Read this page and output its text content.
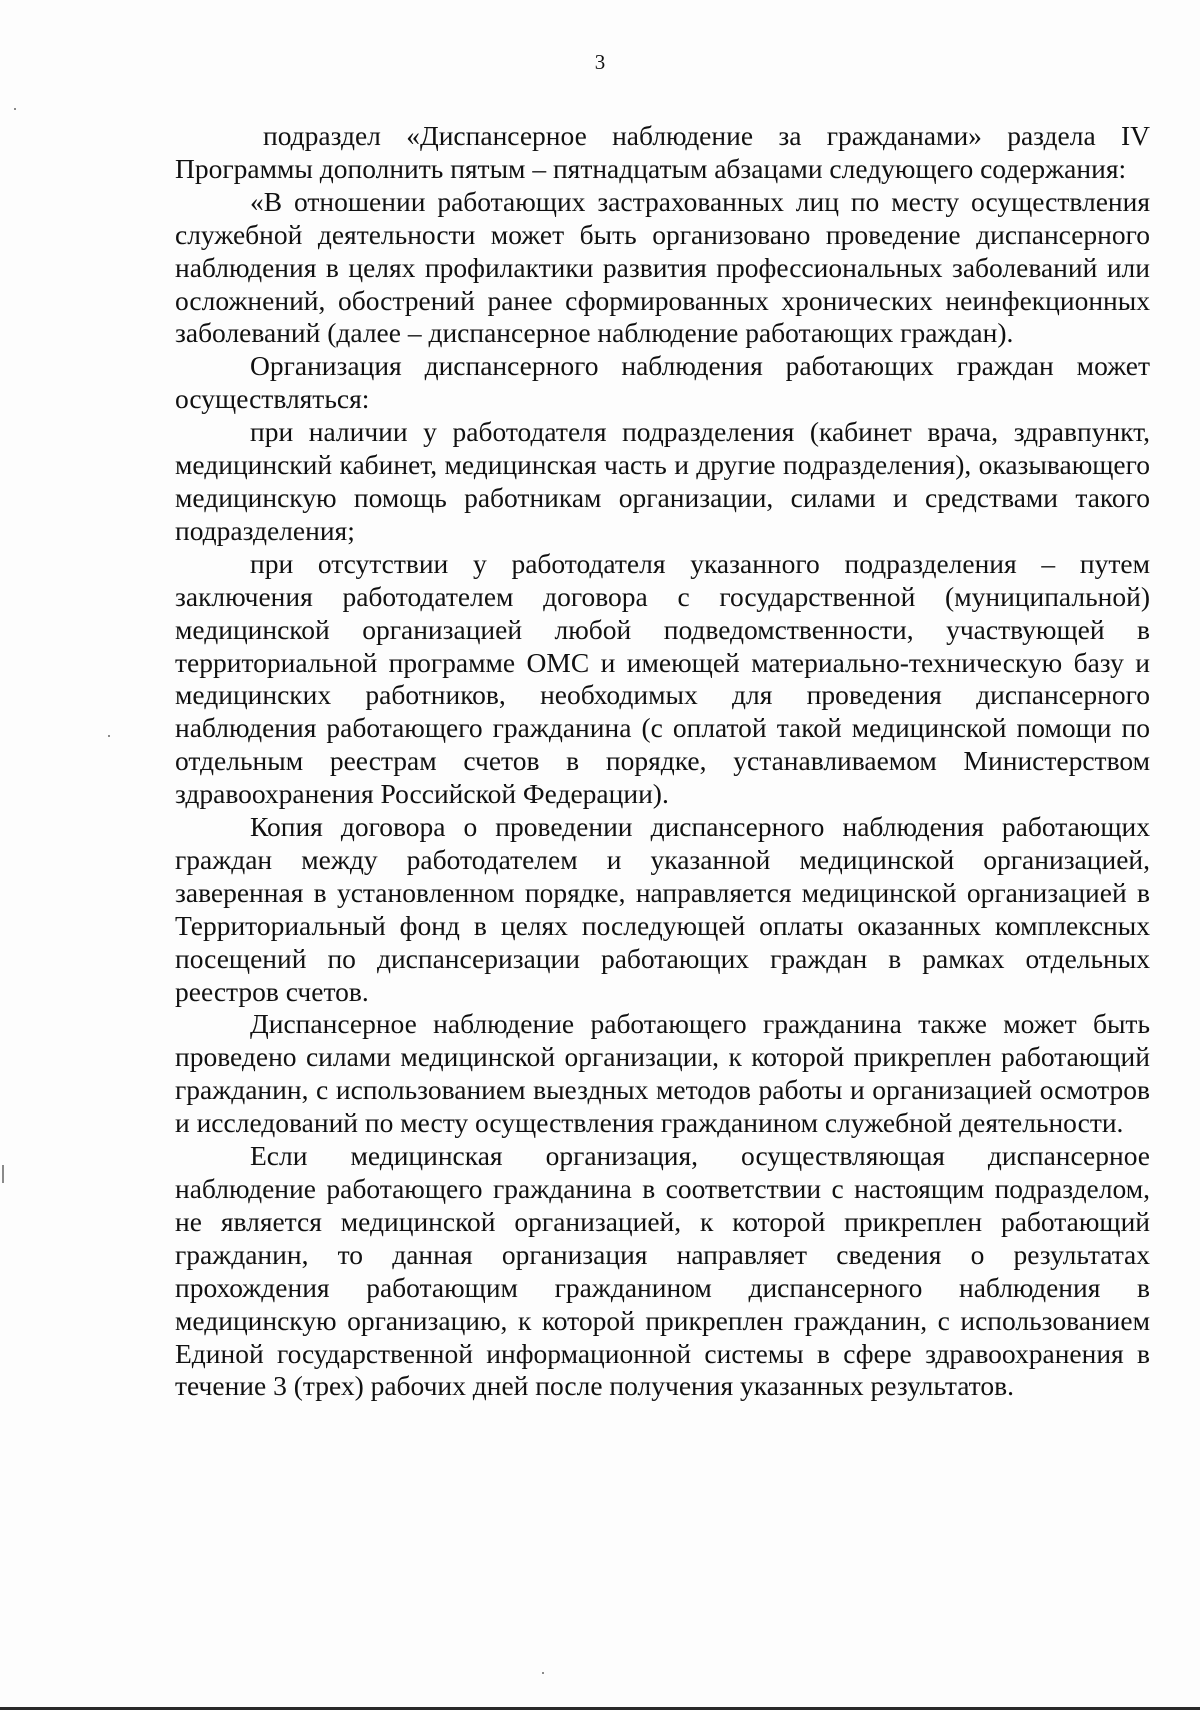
3

подраздел «Диспансерное наблюдение за гражданами» раздела IV Программы дополнить пятым – пятнадцатым абзацами следующего содержания:

«В отношении работающих застрахованных лиц по месту осуществления служебной деятельности может быть организовано проведение диспансерного наблюдения в целях профилактики развития профессиональных заболеваний или осложнений, обострений ранее сформированных хронических неинфекционных заболеваний (далее – диспансерное наблюдение работающих граждан).

Организация диспансерного наблюдения работающих граждан может осуществляться:

при наличии у работодателя подразделения (кабинет врача, здравпункт, медицинский кабинет, медицинская часть и другие подразделения), оказывающего медицинскую помощь работникам организации, силами и средствами такого подразделения;

при отсутствии у работодателя указанного подразделения – путем заключения работодателем договора с государственной (муниципальной) медицинской организацией любой подведомственности, участвующей в территориальной программе ОМС и имеющей материально-техническую базу и медицинских работников, необходимых для проведения диспансерного наблюдения работающего гражданина (с оплатой такой медицинской помощи по отдельным реестрам счетов в порядке, устанавливаемом Министерством здравоохранения Российской Федерации).

Копия договора о проведении диспансерного наблюдения работающих граждан между работодателем и указанной медицинской организацией, заверенная в установленном порядке, направляется медицинской организацией в Территориальный фонд в целях последующей оплаты оказанных комплексных посещений по диспансеризации работающих граждан в рамках отдельных реестров счетов.

Диспансерное наблюдение работающего гражданина также может быть проведено силами медицинской организации, к которой прикреплен работающий гражданин, с использованием выездных методов работы и организацией осмотров и исследований по месту осуществления гражданином служебной деятельности.

Если медицинская организация, осуществляющая диспансерное наблюдение работающего гражданина в соответствии с настоящим подразделом, не является медицинской организацией, к которой прикреплен работающий гражданин, то данная организация направляет сведения о результатах прохождения работающим гражданином диспансерного наблюдения в медицинскую организацию, к которой прикреплен гражданин, с использованием Единой государственной информационной системы в сфере здравоохранения в течение 3 (трех) рабочих дней после получения указанных результатов.
